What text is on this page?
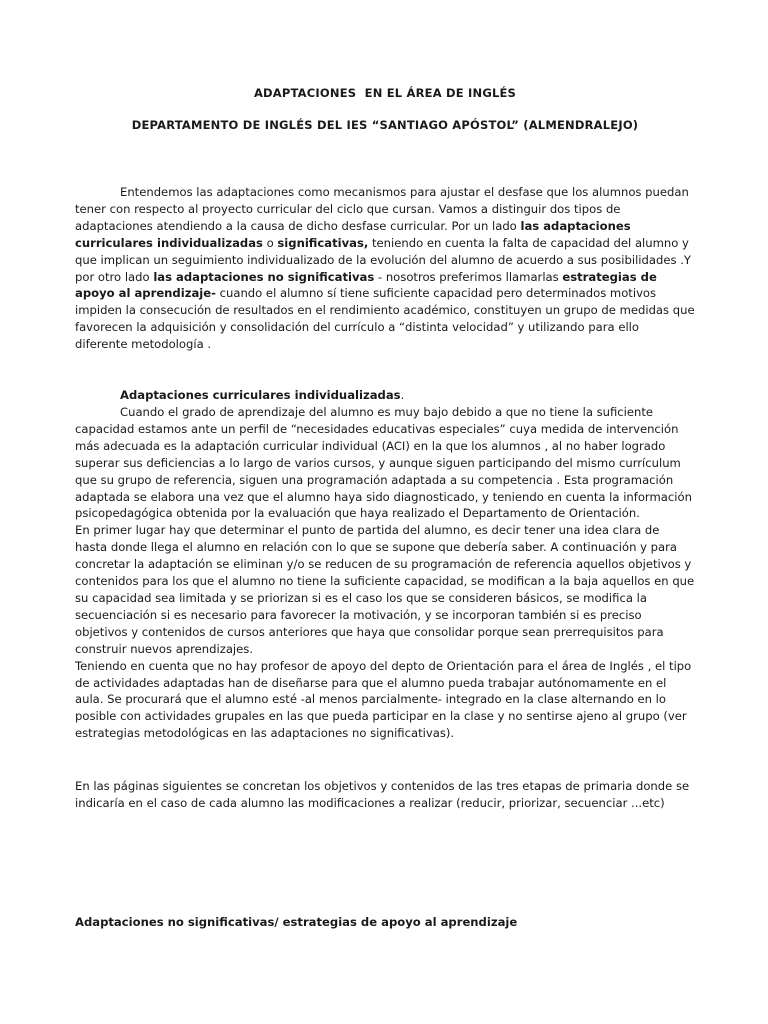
ADAPTACIONES  EN EL ÁREA DE INGLÉS
DEPARTAMENTO DE INGLÉS DEL IES “SANTIAGO APÓSTOL” (ALMENDRALEJO)

Entendemos las adaptaciones como mecanismos para ajustar el desfase que los alumnos puedan tener con respecto al proyecto curricular del ciclo que cursan. Vamos a distinguir dos tipos de adaptaciones atendiendo a la causa de dicho desfase curricular. Por un lado las adaptaciones curriculares individualizadas o significativas, teniendo en cuenta la falta de capacidad del alumno y que implican un seguimiento individualizado de la evolución del alumno de acuerdo a sus posibilidades .Y por otro lado las adaptaciones no significativas - nosotros preferimos llamarlas estrategias de apoyo al aprendizaje- cuando el alumno sí tiene suficiente capacidad pero determinados motivos impiden la consecución de resultados en el rendimiento académico, constituyen un grupo de medidas que favorecen la adquisición y consolidación del currículo a “distinta velocidad” y utilizando para ello diferente metodología .

Adaptaciones curriculares individualizadas.
Cuando el grado de aprendizaje del alumno es muy bajo debido a que no tiene la suficiente capacidad estamos ante un perfil de “necesidades educativas especiales” cuya medida de intervención más adecuada es la adaptación curricular individual (ACI) en la que los alumnos , al no haber logrado superar sus deficiencias a lo largo de varios cursos, y aunque siguen participando del mismo currículum que su grupo de referencia, siguen una programación adaptada a su competencia . Esta programación adaptada se elabora una vez que el alumno haya sido diagnosticado, y teniendo en cuenta la información psicopedagógica obtenida por la evaluación que haya realizado el Departamento de Orientación.
En primer lugar hay que determinar el punto de partida del alumno, es decir tener una idea clara de hasta donde llega el alumno en relación con lo que se supone que debería saber. A continuación y para concretar la adaptación se eliminan y/o se reducen de su programación de referencia aquellos objetivos y contenidos para los que el alumno no tiene la suficiente capacidad, se modifican a la baja aquellos en que su capacidad sea limitada y se priorizan si es el caso los que se consideren básicos, se modifica la secuenciación si es necesario para favorecer la motivación, y se incorporan también si es preciso objetivos y contenidos de cursos anteriores que haya que consolidar porque sean prerrequisitos para construir nuevos aprendizajes.
Teniendo en cuenta que no hay profesor de apoyo del depto de Orientación para el área de Inglés , el tipo de actividades adaptadas han de diseñarse para que el alumno pueda trabajar autónomamente en el aula. Se procurará que el alumno esté -al menos parcialmente- integrado en la clase alternando en lo posible con actividades grupales en las que pueda participar en la clase y no sentirse ajeno al grupo (ver estrategias metodológicas en las adaptaciones no significativas).

En las páginas siguientes se concretan los objetivos y contenidos de las tres etapas de primaria donde se indicaría en el caso de cada alumno las modificaciones a realizar (reducir, priorizar, secuenciar ...etc)

Adaptaciones no significativas/ estrategias de apoyo al aprendizaje
